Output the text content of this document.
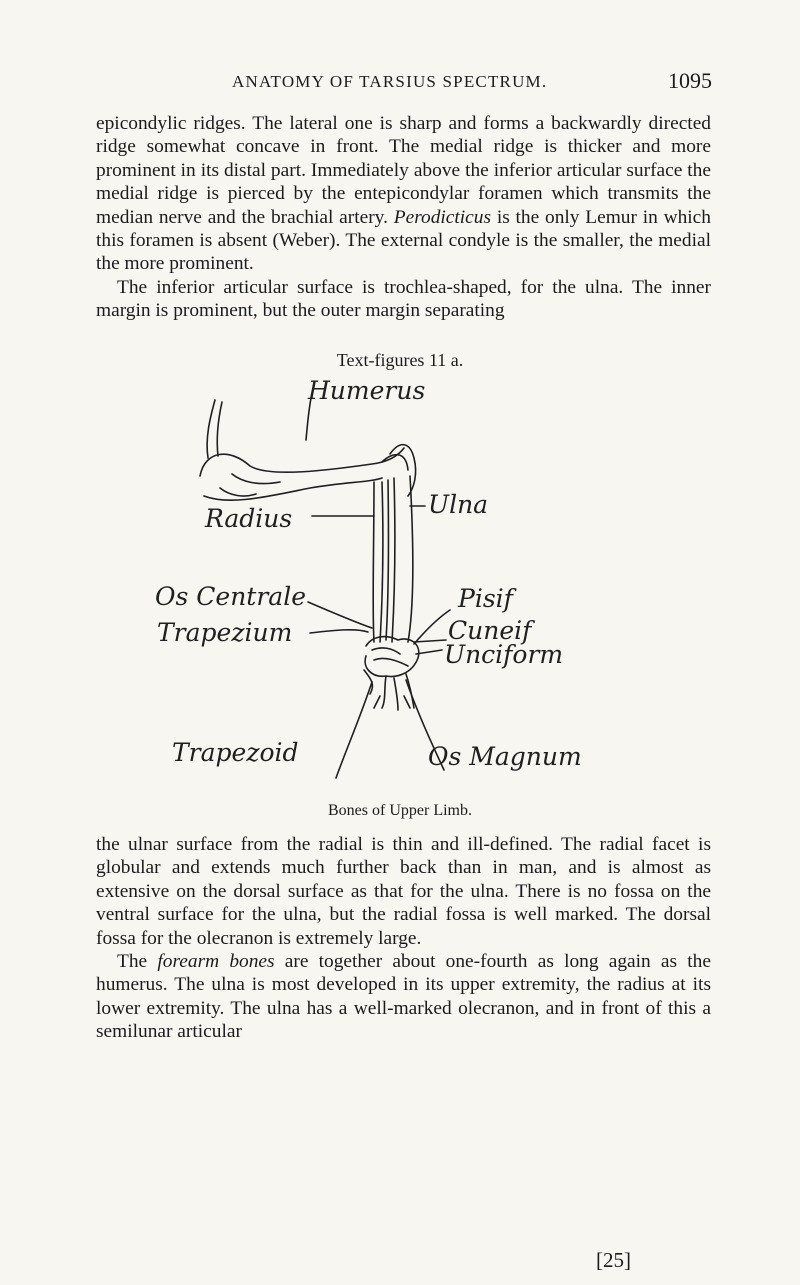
ANATOMY OF TARSIUS SPECTRUM.	1095

epicondylic ridges. The lateral one is sharp and forms a backwardly directed ridge somewhat concave in front. The medial ridge is thicker and more prominent in its distal part. Immediately above the inferior articular surface the medial ridge is pierced by the entepicondylar foramen which transmits the median nerve and the brachial artery. Perodicticus is the only Lemur in which this foramen is absent (Weber). The external condyle is the smaller, the medial the more prominent.
The inferior articular surface is trochlea-shaped, for the ulna. The inner margin is prominent, but the outer margin separating

Text-figures 11 a.
Humerus
Radius	Ulna
Os Centrale
Trapezium
Pisif
Cuneif
Unciform
Trapezoid	Os Magnum
Bones of Upper Limb.

the ulnar surface from the radial is thin and ill-defined. The radial facet is globular and extends much further back than in man, and is almost as extensive on the dorsal surface as that for the ulna. There is no fossa on the ventral surface for the ulna, but the radial fossa is well marked. The dorsal fossa for the olecranon is extremely large.
The forearm bones are together about one-fourth as long again as the humerus. The ulna is most developed in its upper extremity, the radius at its lower extremity. The ulna has a well-marked olecranon, and in front of this a semilunar articular

[25]
